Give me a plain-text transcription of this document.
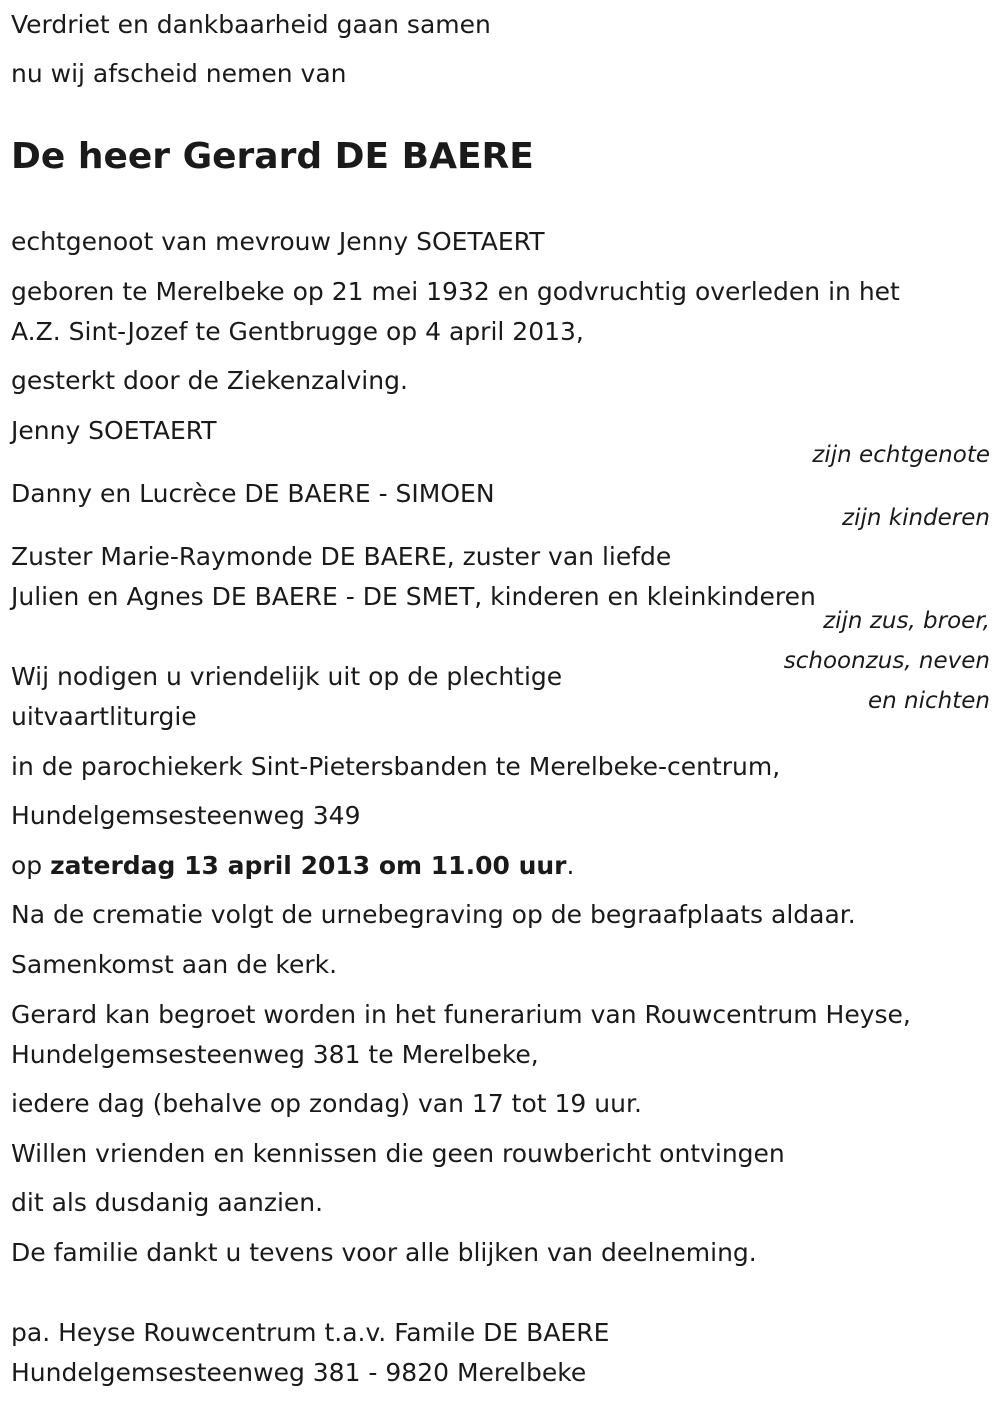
Verdriet en dankbaarheid gaan samen

nu wij afscheid nemen van

De heer Gerard DE BAERE

echtgenoot van mevrouw Jenny SOETAERT

geboren te Merelbeke op 21 mei 1932 en godvruchtig overleden in het

A.Z. Sint-Jozef te Gentbrugge op 4 april 2013,

gesterkt door de Ziekenzalving.

Jenny SOETAERT

zijn echtgenote

Danny en Lucrèce DE BAERE - SIMOEN

zijn kinderen

Zuster Marie-Raymonde DE BAERE, zuster van liefde

Julien en Agnes DE BAERE - DE SMET, kinderen en kleinkinderen

zijn zus, broer,
schoonzus, neven
en nichten

Wij nodigen u vriendelijk uit op de plechtige

uitvaartliturgie

in de parochiekerk Sint-Pietersbanden te Merelbeke-centrum,

Hundelgemsesteenweg 349

op zaterdag 13 april 2013 om 11.00 uur.

Na de crematie volgt de urnebegraving op de begraafplaats aldaar.

Samenkomst aan de kerk.

Gerard kan begroet worden in het funerarium van Rouwcentrum Heyse,

Hundelgemsesteenweg 381 te Merelbeke,

iedere dag (behalve op zondag) van 17 tot 19 uur.

Willen vrienden en kennissen die geen rouwbericht ontvingen

dit als dusdanig aanzien.

De familie dankt u tevens voor alle blijken van deelneming.

pa. Heyse Rouwcentrum t.a.v. Famile DE BAERE

Hundelgemsesteenweg 381 - 9820 Merelbeke
